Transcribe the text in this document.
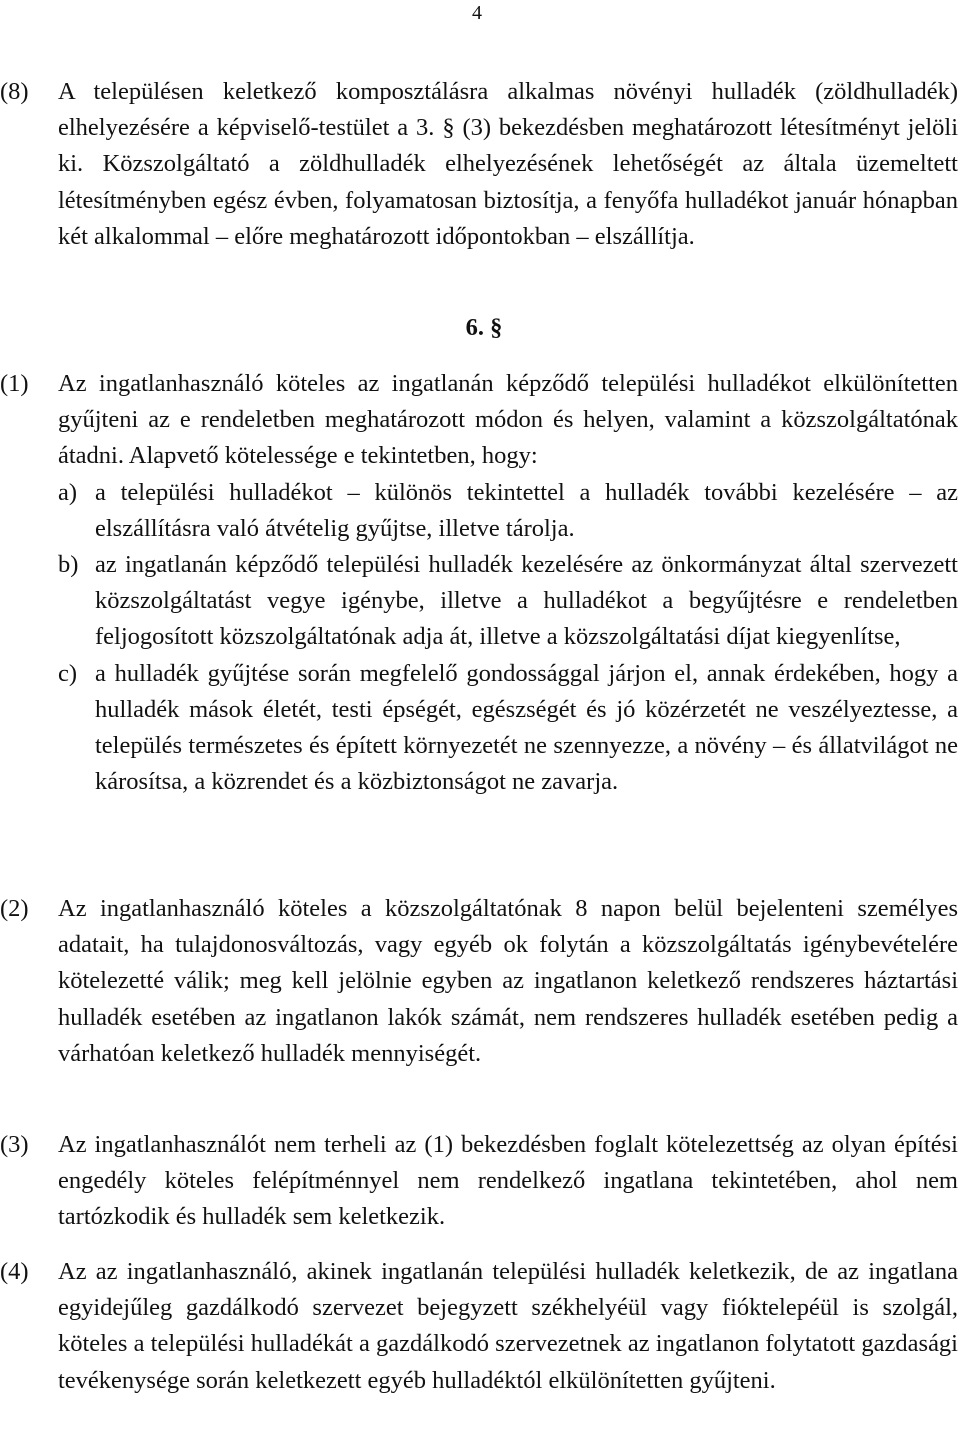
4
(8) A településen keletkező komposztálásra alkalmas növényi hulladék (zöldhulladék) elhelyezésére a képviselő-testület a 3. § (3) bekezdésben meghatározott létesítményt jelöli ki. Közszolgáltató a zöldhulladék elhelyezésének lehetőségét az általa üzemeltett létesítményben egész évben, folyamatosan biztosítja, a fenyőfa hulladékot január hónapban két alkalommal – előre meghatározott időpontokban – elszállítja.
6. §
(1) Az ingatlanhasználó köteles az ingatlanán képződő települési hulladékot elkülönítetten gyűjteni az e rendeletben meghatározott módon és helyen, valamint a közszolgáltatónak átadni. Alapvető kötelessége e tekintetben, hogy:
a) a települési hulladékot – különös tekintettel a hulladék további kezelésére – az elszállításra való átvételig gyűjtse, illetve tárolja.
b) az ingatlanán képződő települési hulladék kezelésére az önkormányzat által szervezett közszolgáltatást vegye igénybe, illetve a hulladékot a begyűjtésre e rendeletben feljogosított közszolgáltatónak adja át, illetve a közszolgáltatási díjat kiegyenlítse,
c) a hulladék gyűjtése során megfelelő gondossággal járjon el, annak érdekében, hogy a hulladék mások életét, testi épségét, egészségét és jó közérzetét ne veszélyeztesse, a település természetes és épített környezetét ne szennyezze, a növény – és állatvilágot ne károsítsa, a közrendet és a közbiztonságot ne zavarja.
(2) Az ingatlanhasználó köteles a közszolgáltatónak 8 napon belül bejelenteni személyes adatait, ha tulajdonosváltozás, vagy egyéb ok folytán a közszolgáltatás igénybevételére kötelezetté válik; meg kell jelölnie egyben az ingatlanon keletkező rendszeres háztartási hulladék esetében az ingatlanon lakók számát, nem rendszeres hulladék esetében pedig a várhatóan keletkező hulladék mennyiségét.
(3) Az ingatlanhasználót nem terheli az (1) bekezdésben foglalt kötelezettség az olyan építési engedély köteles felépítménnyel nem rendelkező ingatlana tekintetében, ahol nem tartózkodik és hulladék sem keletkezik.
(4) Az az ingatlanhasználó, akinek ingatlanán települési hulladék keletkezik, de az ingatlana egyidejűleg gazdálkodó szervezet bejegyzett székhelyéül vagy fióktelepéül is szolgál, köteles a települési hulladékát a gazdálkodó szervezetnek az ingatlanon folytatott gazdasági tevékenysége során keletkezett egyéb hulladéktól elkülönítetten gyűjteni.
